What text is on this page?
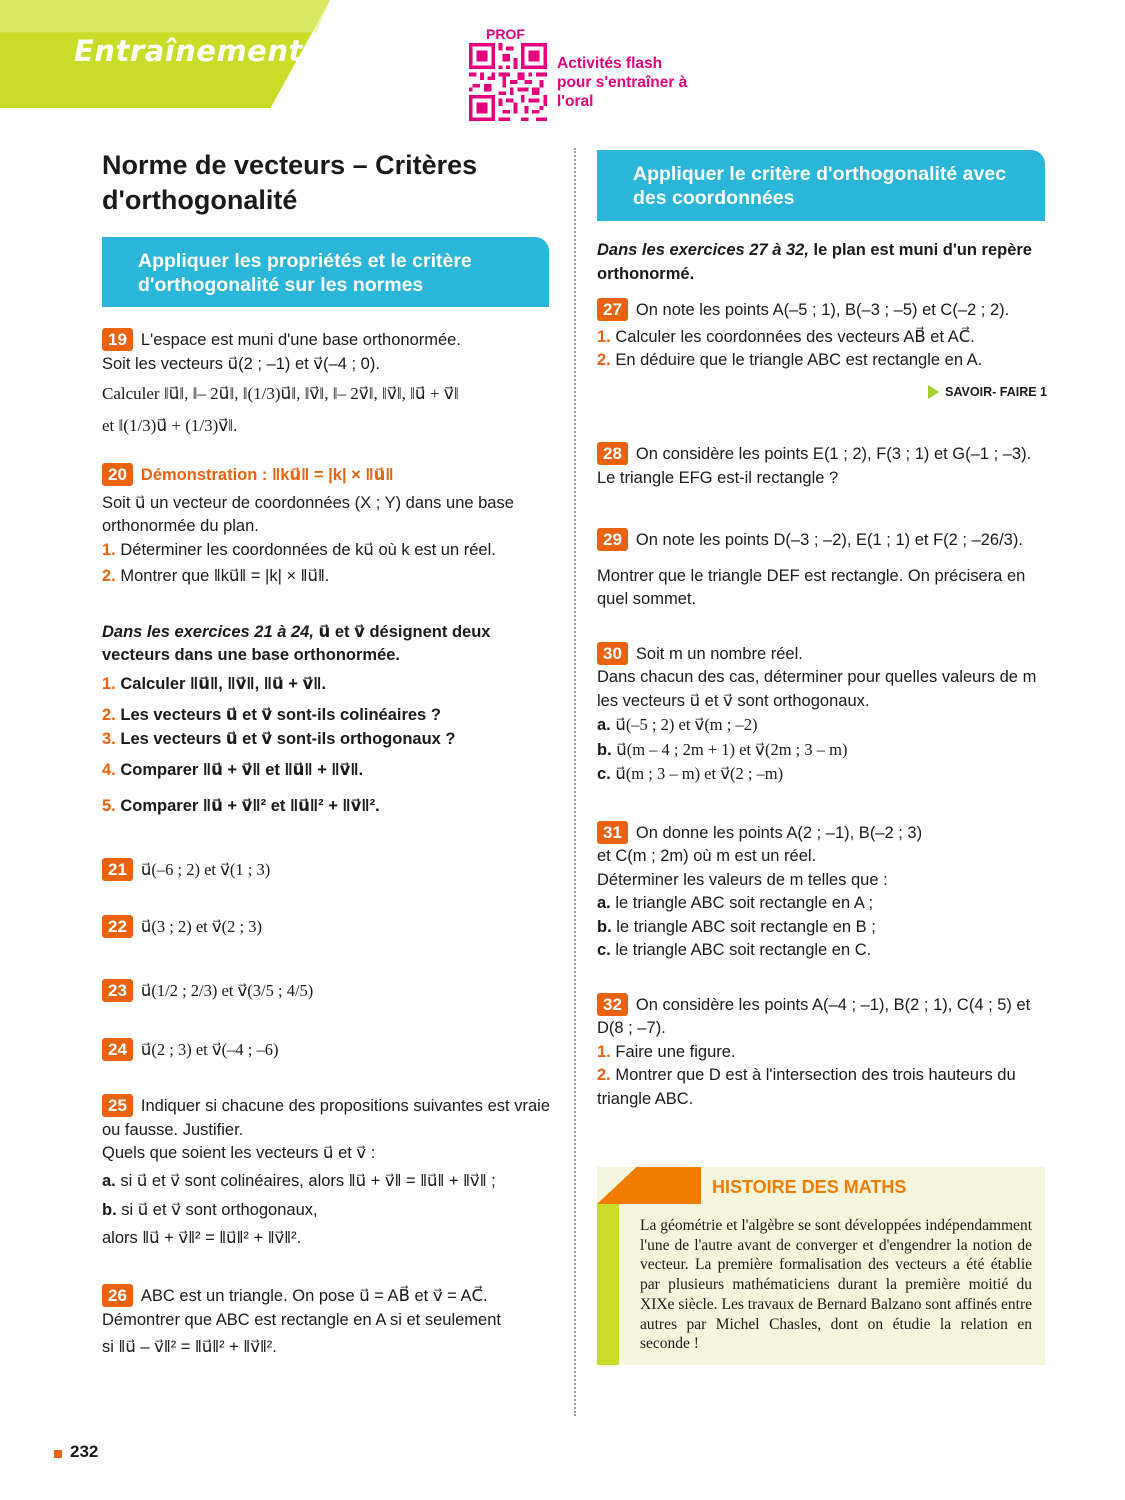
Entraînement	PROF
Activités flash pour s'entraîner à l'oral
Norme de vecteurs – Critères d'orthogonalité
Appliquer les propriétés et le critère d'orthogonalité sur les normes

19 L'espace est muni d'une base orthonormée.

Soit les vecteurs u⃗(2 ; –1) et v⃗(–4 ; 0).

Calculer ‖u⃗‖, ‖– 2u⃗‖, ‖(1/3)u⃗‖, ‖v⃗‖, ‖– 2v⃗‖, ‖v⃗‖, ‖u⃗ + v⃗‖

et ‖(1/3)u⃗ + (1/3)v⃗‖.

20 Démonstration : ‖ku⃗‖ = |k| × ‖u⃗‖

Soit u⃗ un vecteur de coordonnées (X ; Y) dans une base orthonormée du plan.

1. Déterminer les coordonnées de ku⃗ où k est un réel.

2. Montrer que ‖ku⃗‖ = |k| × ‖u⃗‖.

Dans les exercices 21 à 24, u⃗ et v⃗ désignent deux vecteurs dans une base orthonormée.

1. Calculer ‖u⃗‖, ‖v⃗‖, ‖u⃗ + v⃗‖.

2. Les vecteurs u⃗ et v⃗ sont-ils colinéaires ?

3. Les vecteurs u⃗ et v⃗ sont-ils orthogonaux ?

4. Comparer ‖u⃗ + v⃗‖ et ‖u⃗‖ + ‖v⃗‖.

5. Comparer ‖u⃗ + v⃗‖² et ‖u⃗‖² + ‖v⃗‖².

21 u⃗(–6 ; 2) et v⃗(1 ; 3)

22 u⃗(3 ; 2) et v⃗(2 ; 3)

23 u⃗(1/2 ; 2/3) et v⃗(3/5 ; 4/5)

24 u⃗(2 ; 3) et v⃗(–4 ; –6)

25 Indiquer si chacune des propositions suivantes est vraie ou fausse. Justifier.

Quels que soient les vecteurs u⃗ et v⃗ :

a. si u⃗ et v⃗ sont colinéaires, alors ‖u⃗ + v⃗‖ = ‖u⃗‖ + ‖v⃗‖ ;

b. si u⃗ et v⃗ sont orthogonaux,

alors ‖u⃗ + v⃗‖² = ‖u⃗‖² + ‖v⃗‖².

26 ABC est un triangle. On pose u⃗ = AB⃗ et v⃗ = AC⃗.

Démontrer que ABC est rectangle en A si et seulement

si ‖u⃗ – v⃗‖² = ‖u⃗‖² + ‖v⃗‖².

Appliquer le critère d'orthogonalité avec des coordonnées

Dans les exercices 27 à 32, le plan est muni d'un repère orthonormé.

27 On note les points A(–5 ; 1), B(–3 ; –5) et C(–2 ; 2).

1. Calculer les coordonnées des vecteurs AB⃗ et AC⃗.

2. En déduire que le triangle ABC est rectangle en A.

SAVOIR- FAIRE 1

28 On considère les points E(1 ; 2), F(3 ; 1) et G(–1 ; –3).

Le triangle EFG est-il rectangle ?

29 On note les points D(–3 ; –2), E(1 ; 1) et F(2 ; –26/3).

Montrer que le triangle DEF est rectangle. On précisera en quel sommet.

30 Soit m un nombre réel.

Dans chacun des cas, déterminer pour quelles valeurs de m les vecteurs u⃗ et v⃗ sont orthogonaux.

a. u⃗(–5 ; 2) et v⃗(m ; –2)

b. u⃗(m – 4 ; 2m + 1) et v⃗(2m ; 3 – m)

c. u⃗(m ; 3 – m) et v⃗(2 ; –m)

31 On donne les points A(2 ; –1), B(–2 ; 3)

et C(m ; 2m) où m est un réel.

Déterminer les valeurs de m telles que :

a. le triangle ABC soit rectangle en A ;

b. le triangle ABC soit rectangle en B ;

c. le triangle ABC soit rectangle en C.

32 On considère les points A(–4 ; –1), B(2 ; 1), C(4 ; 5) et D(8 ; –7).

1. Faire une figure.

2. Montrer que D est à l'intersection des trois hauteurs du triangle ABC.

HISTOIRE DES MATHS
La géométrie et l'algèbre se sont développées indépendamment l'une de l'autre avant de converger et d'engendrer la notion de vecteur. La première formalisation des vecteurs a été établie par plusieurs mathématiciens durant la première moitié du XIXe siècle. Les travaux de Bernard Balzano sont affinés entre autres par Michel Chasles, dont on étudie la relation en seconde !
232
